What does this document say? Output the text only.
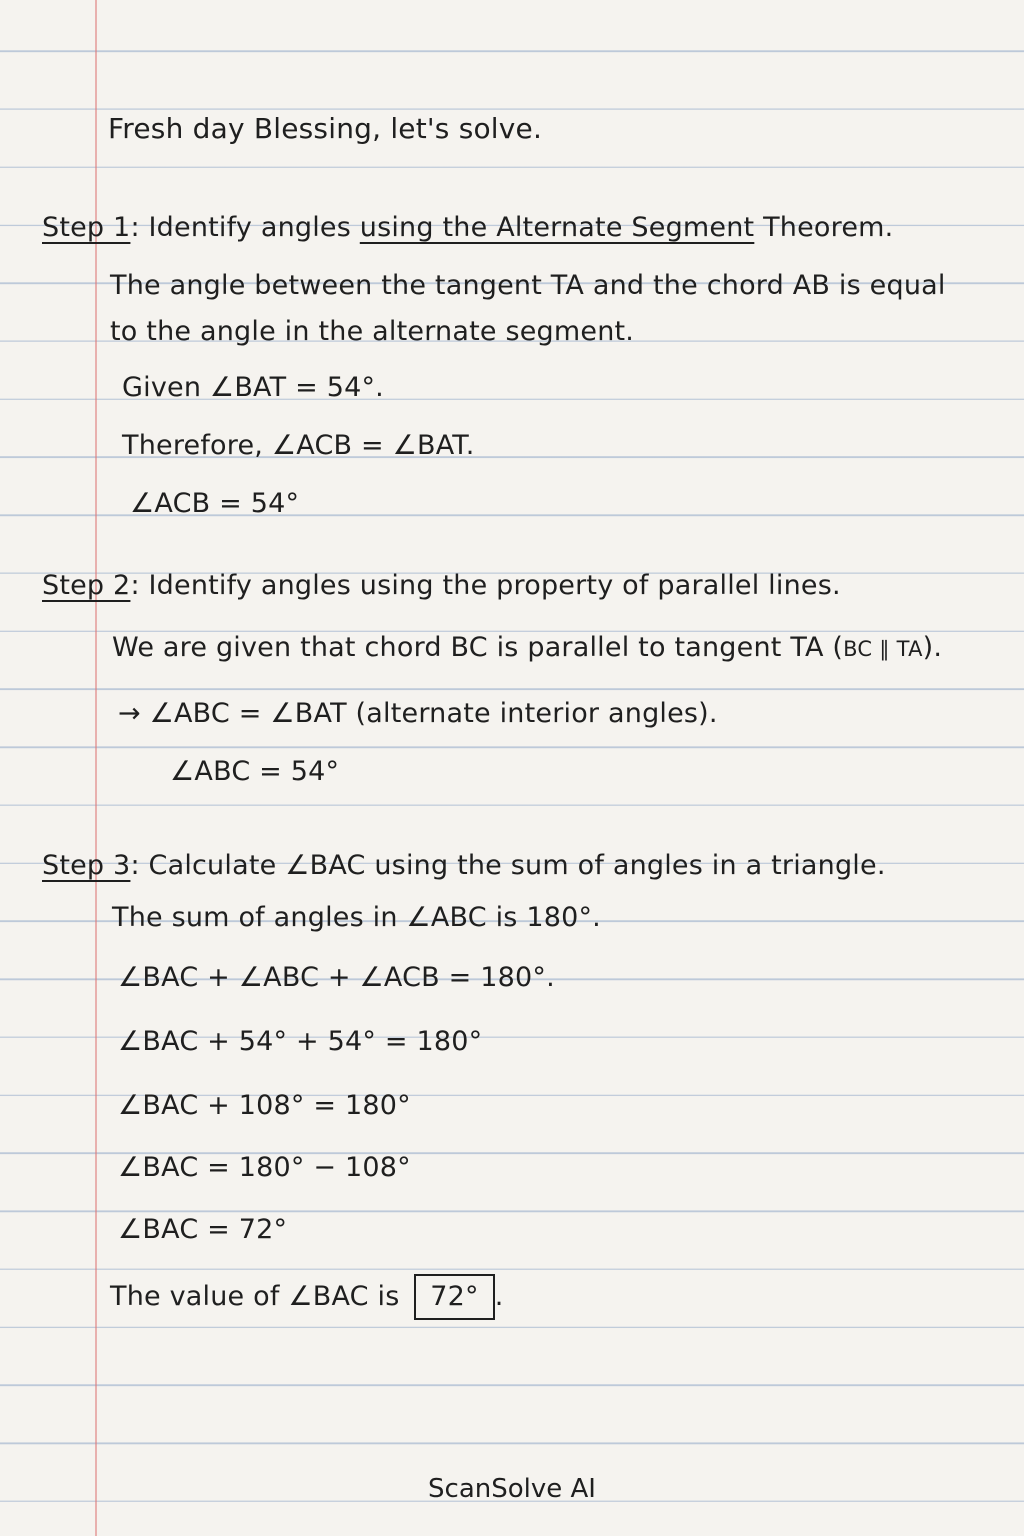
Fresh day Blessing, let's solve.
Step 1: Identify angles using the Alternate Segment Theorem.
The angle between the tangent TA and the chord AB is equal
to the angle in the alternate segment.
Given ∠BAT = 54°.
Therefore, ∠ACB = ∠BAT.
∠ACB = 54°
Step 2: Identify angles using the property of parallel lines.
We are given that chord BC is parallel to tangent TA (BC ∥ TA).
→ ∠ABC = ∠BAT (alternate interior angles).
∠ABC = 54°
Step 3: Calculate ∠BAC using the sum of angles in a triangle.
The sum of angles in ∠ABC is 180°.
∠BAC + ∠ABC + ∠ACB = 180°.
∠BAC + 54° + 54° = 180°
∠BAC + 108° = 180°
∠BAC = 180° − 108°
∠BAC = 72°
The value of ∠BAC is 72° .
ScanSolve AI
